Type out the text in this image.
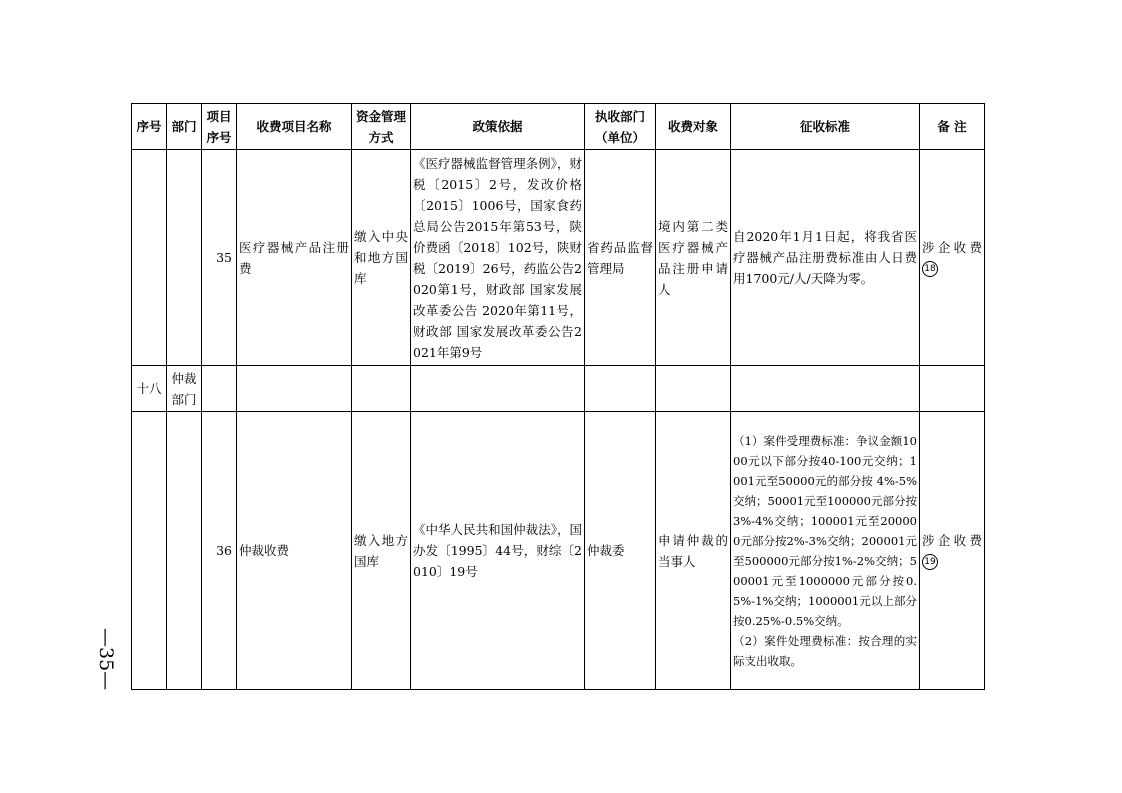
—35—
序号	部门	项目序号	收费项目名称	资金管理方式	政策依据	执收部门（单位）	收费对象	征收标准	备 注
		35	医疗器械产品注册费	缴入中央和地方国库	《医疗器械监督管理条例》，财税〔2015〕2号，发改价格〔2015〕1006号，国家食药总局公告2015年第53号，陕价费函〔2018〕102号，陕财税〔2019〕26号，药监公告2020第1号，财政部 国家发展改革委公告 2020年第11号，财政部 国家发展改革委公告2021年第9号	省药品监督管理局	境内第二类医疗器械产品注册申请人	自2020年1月1日起，将我省医疗器械产品注册费标准由人日费用1700元/人/天降为零。	涉企收费18
十八	仲裁部门								
		36	仲裁收费	缴入地方国库	《中华人民共和国仲裁法》，国办发〔1995〕44号，财综〔2010〕19号	仲裁委	申请仲裁的当事人	（1）案件受理费标准：争议金额1000元以下部分按40-100元交纳；1001元至50000元的部分按 4%-5%交纳；50001元至100000元部分按 3%-4%交纳；100001元至200000元部分按2%-3%交纳；200001元至500000元部分按1%-2%交纳；500001元至1000000元部分按0.5%-1%交纳；1000001元以上部分按0.25%-0.5%交纳。
（2）案件处理费标准：按合理的实际支出收取。	涉企收费19
